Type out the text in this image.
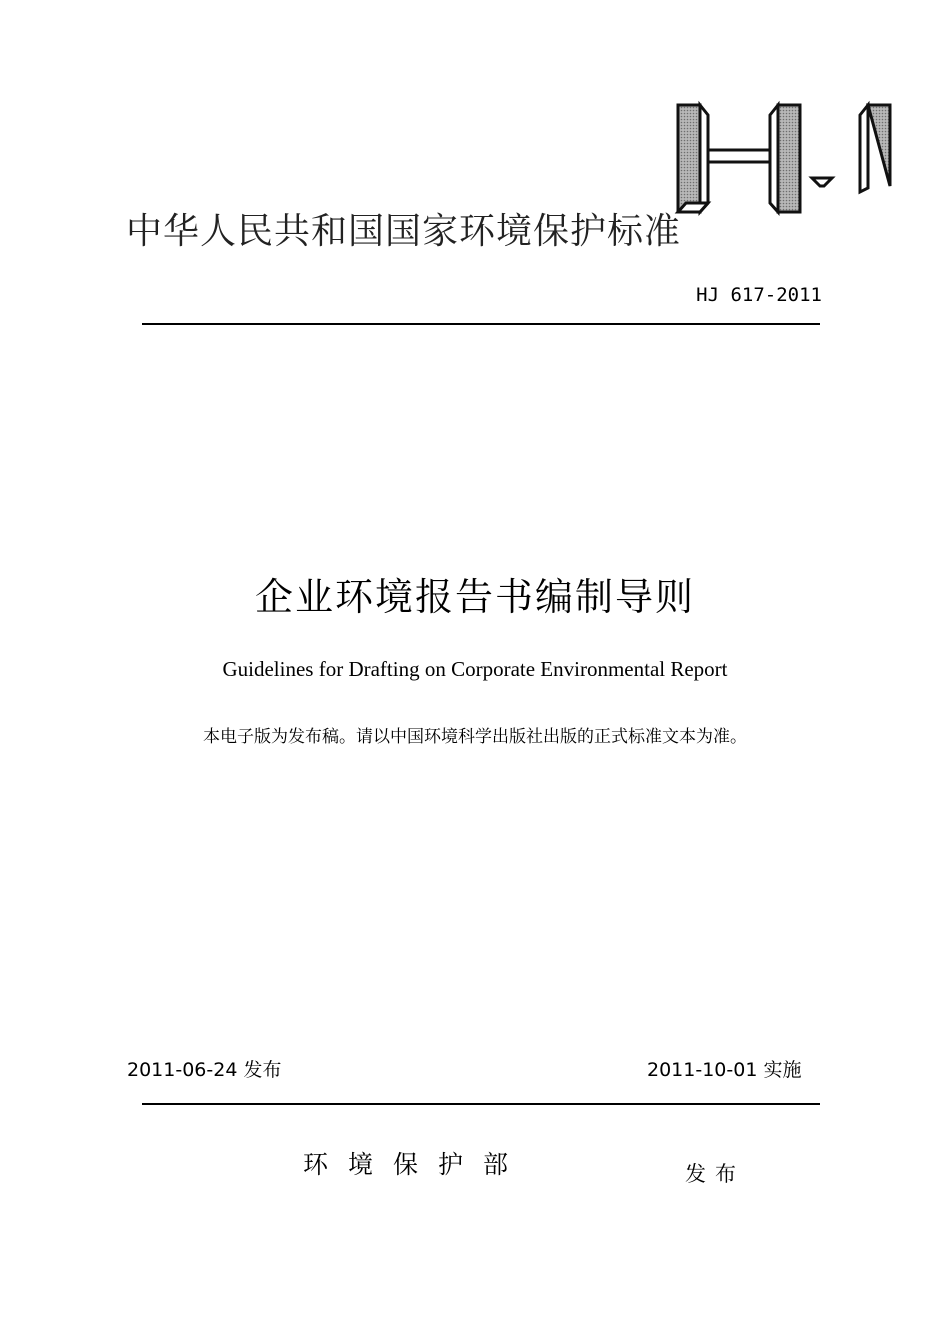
中华人民共和国国家环境保护标准
HJ 617-2011
企业环境报告书编制导则
Guidelines for Drafting on Corporate Environmental Report
本电子版为发布稿。请以中国环境科学出版社出版的正式标准文本为准。
2011-06-24 发布	2011-10-01 实施
环境保护部	发布
